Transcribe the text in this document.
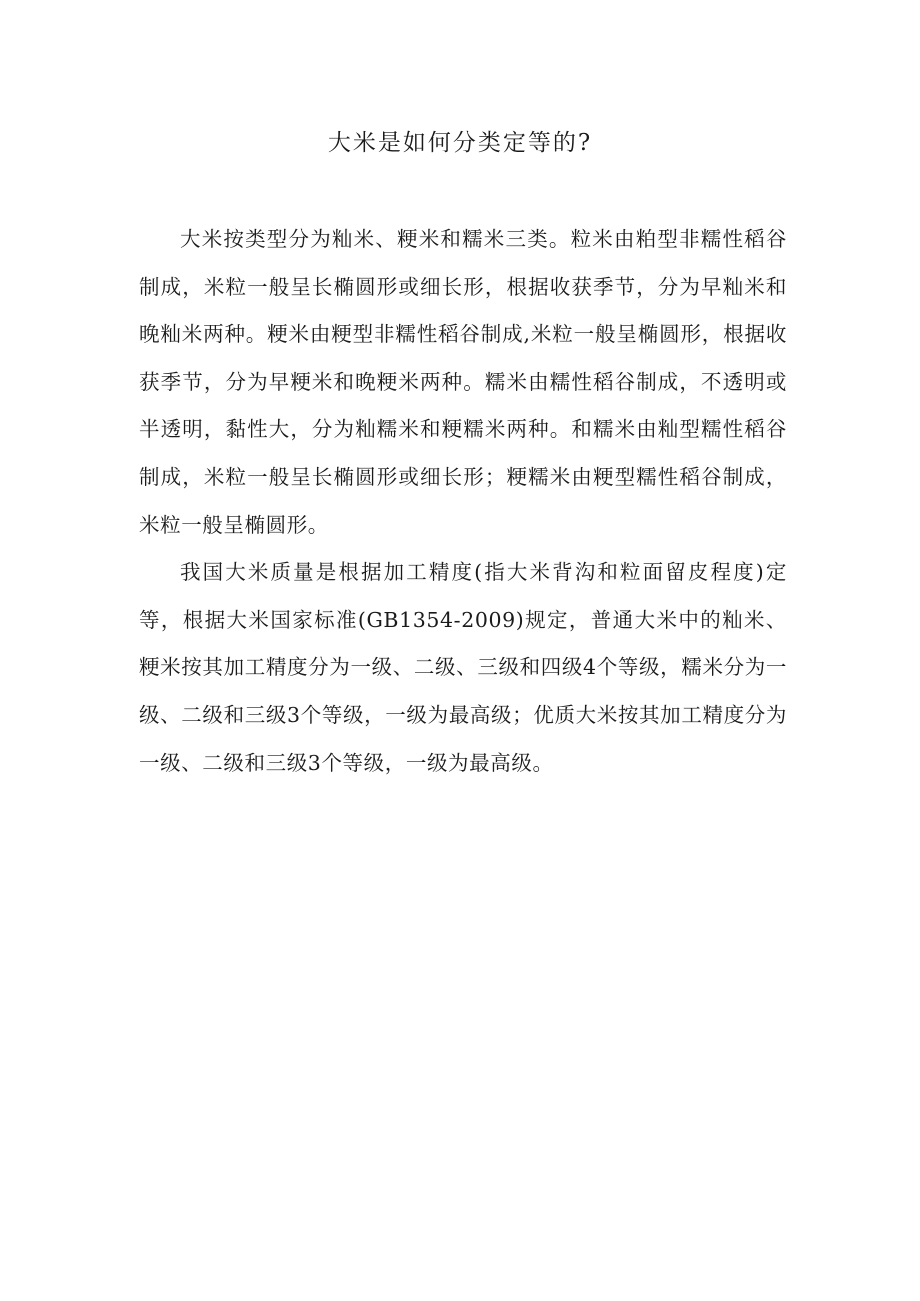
大米是如何分类定等的?

大米按类型分为籼米、粳米和糯米三类。粒米由粕型非糯性稻谷制成，米粒一般呈长椭圆形或细长形，根据收获季节，分为早籼米和晚籼米两种。粳米由粳型非糯性稻谷制成,米粒一般呈椭圆形，根据收获季节，分为早粳米和晚粳米两种。糯米由糯性稻谷制成，不透明或半透明，黏性大，分为籼糯米和粳糯米两种。和糯米由籼型糯性稻谷制成，米粒一般呈长椭圆形或细长形；粳糯米由粳型糯性稻谷制成，米粒一般呈椭圆形。

我国大米质量是根据加工精度(指大米背沟和粒面留皮程度)定等，根据大米国家标准(GB1354-2009)规定，普通大米中的籼米、粳米按其加工精度分为一级、二级、三级和四级4个等级，糯米分为一级、二级和三级3个等级，一级为最高级；优质大米按其加工精度分为一级、二级和三级3个等级，一级为最高级。
